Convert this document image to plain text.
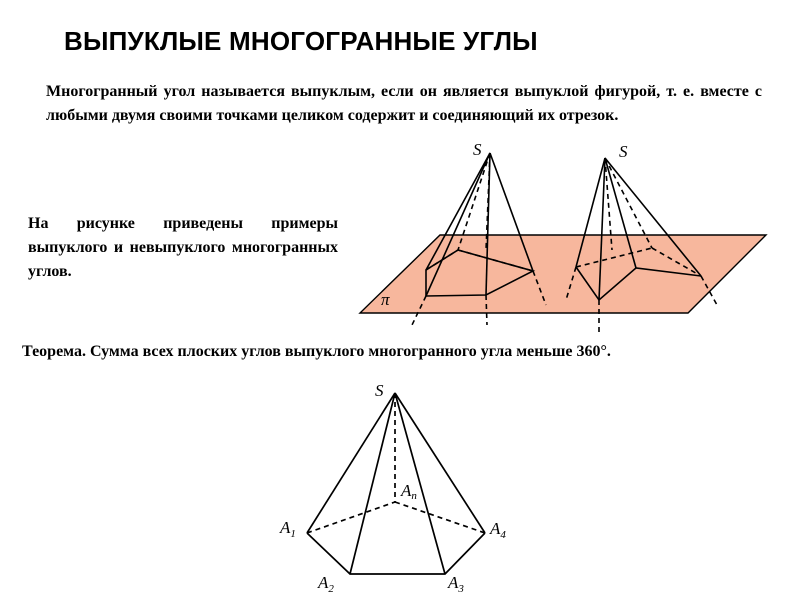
ВЫПУКЛЫЕ МНОГОГРАННЫЕ УГЛЫ
Многогранный угол называется выпуклым, если он является выпуклой фигурой, т. е. вместе с любыми двумя своими точками целиком содержит и соединяющий их отрезок.
На рисунке приведены примеры выпуклого и невыпуклого многогранных углов.
Теорема. Сумма всех плоских углов выпуклого многогранного угла меньше 360°.
S	S
π
S
$A_1$
$A_2$	$A_3$
$A_4$
An
